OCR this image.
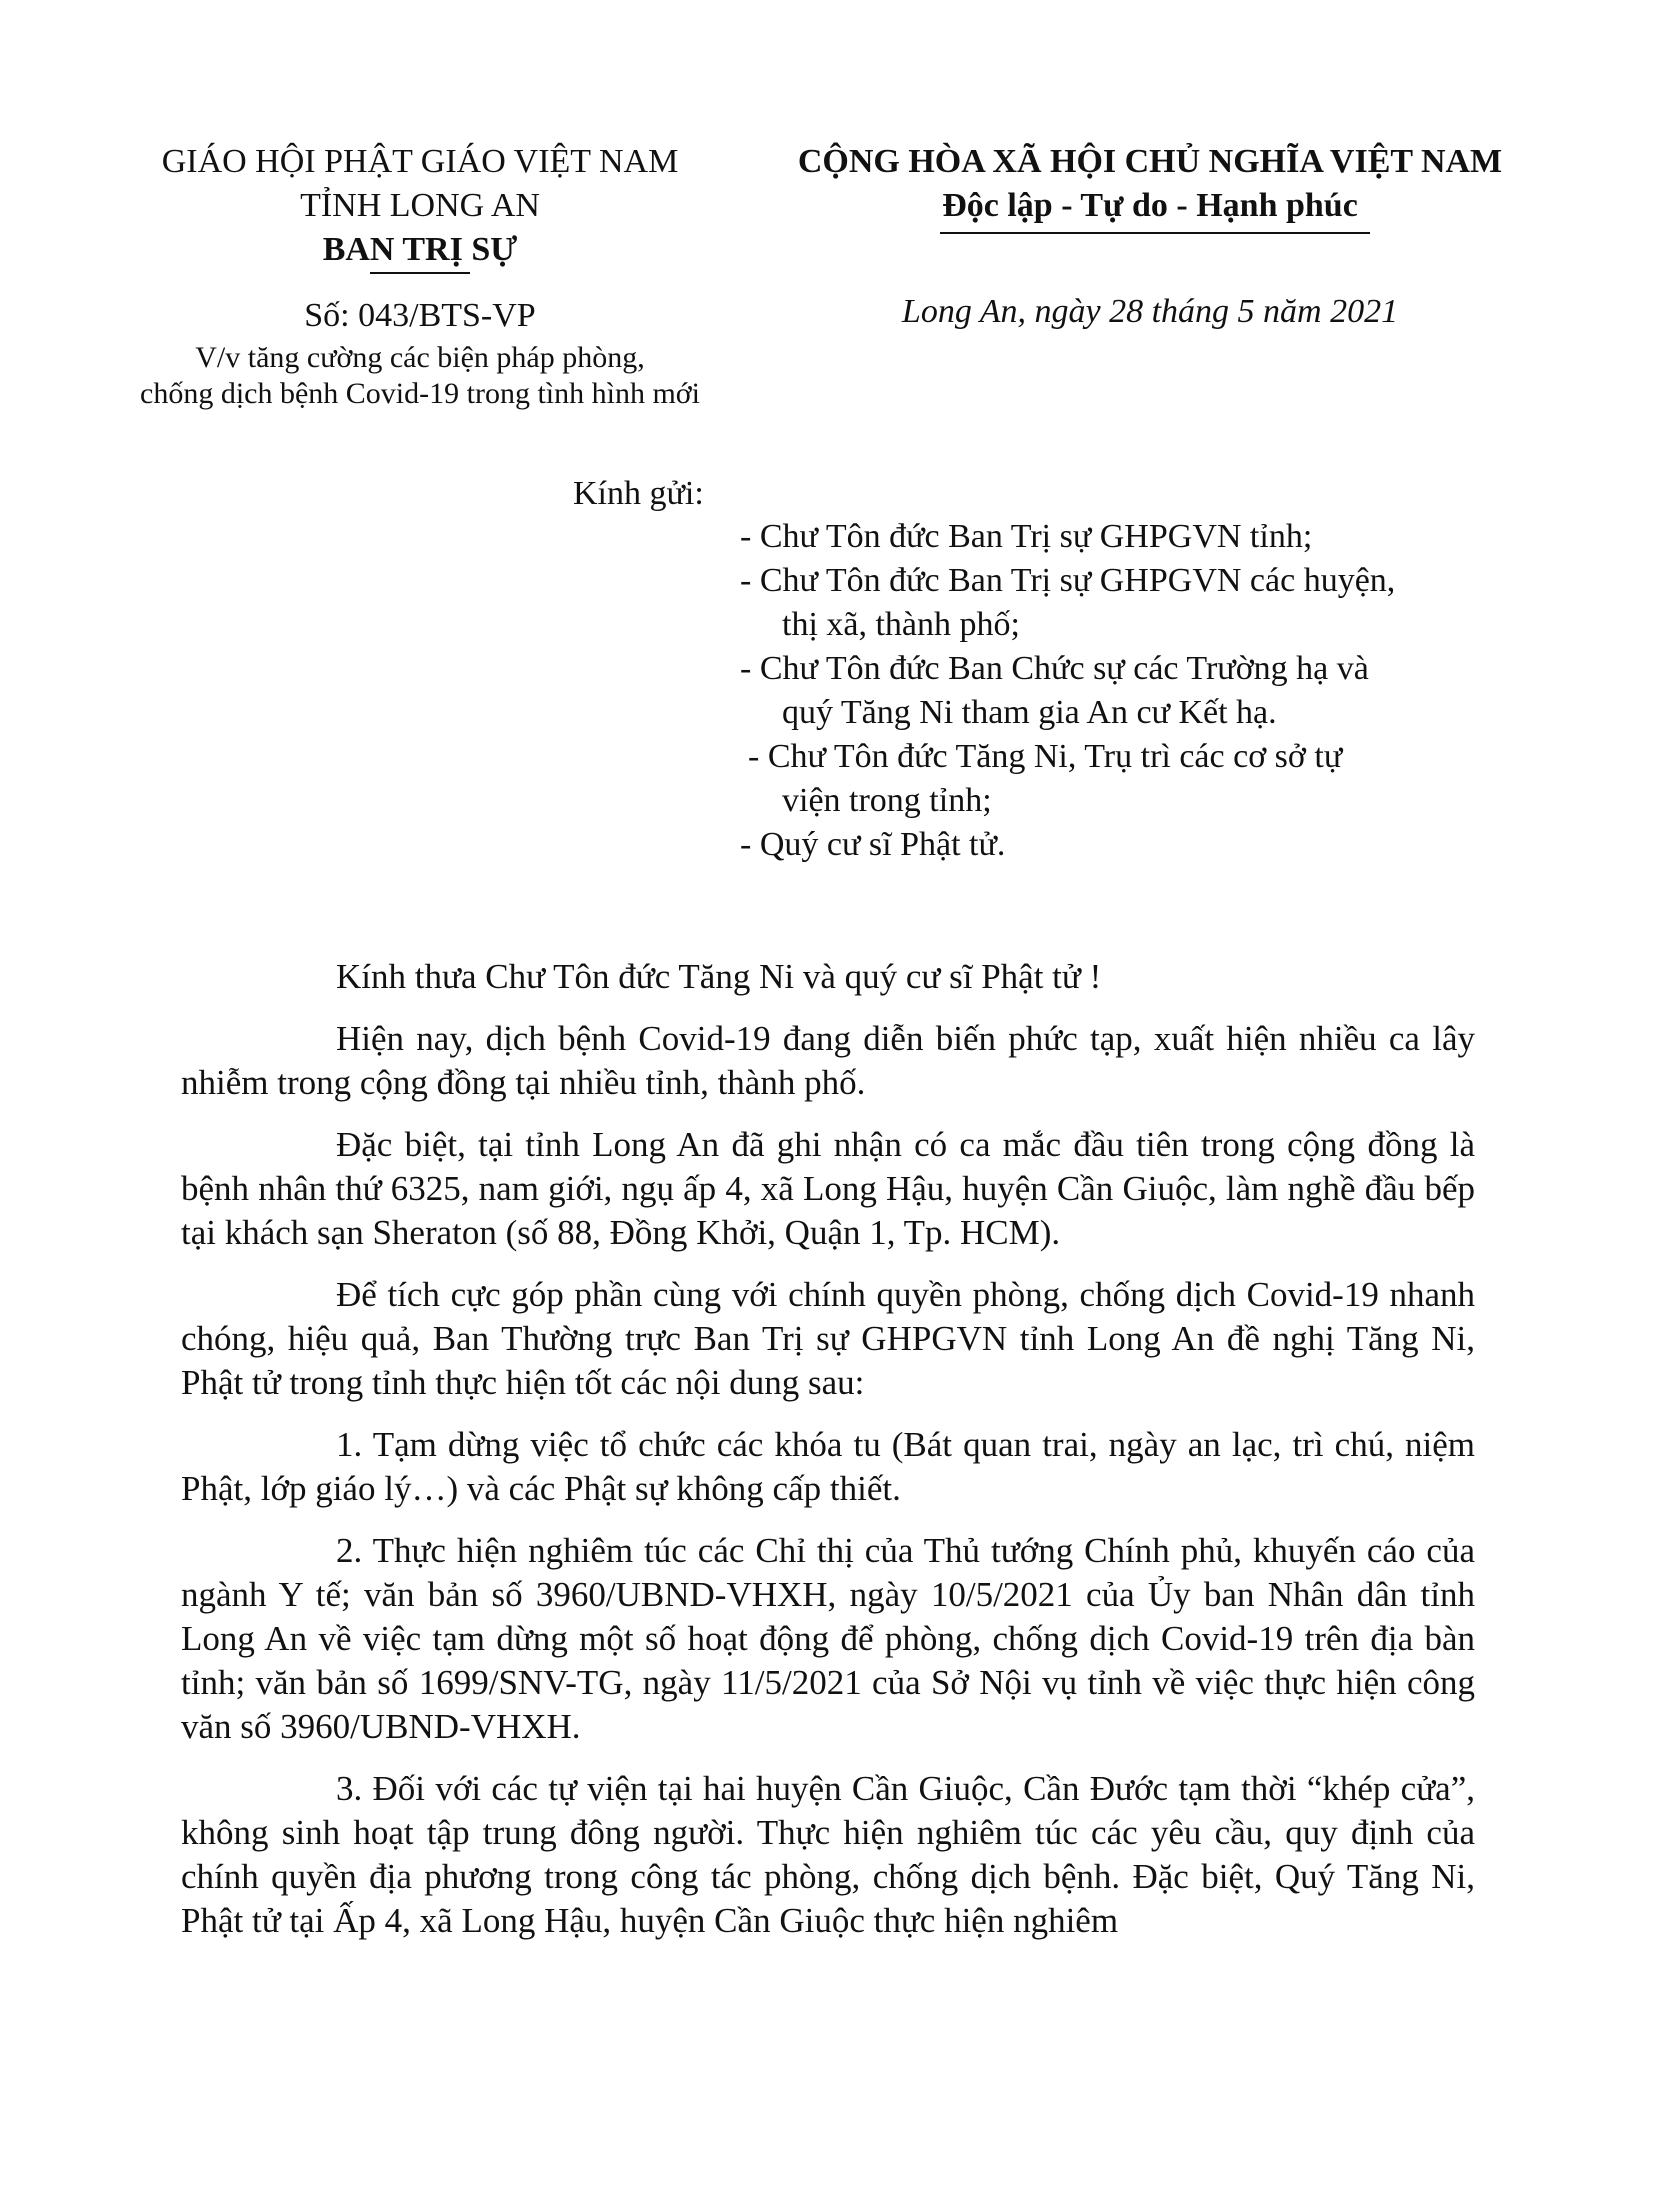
GIÁO HỘI PHẬT GIÁO VIỆT NAM
TỈNH LONG AN
BAN TRỊ SỰ
Số: 043/BTS-VP
V/v tăng cường các biện pháp phòng,
chống dịch bệnh Covid-19 trong tình hình mới
CỘNG HÒA XÃ HỘI CHỦ NGHĨA VIỆT NAM
Độc lập - Tự do - Hạnh phúc
Long An, ngày 28 tháng 5 năm 2021
Kính gửi:
- Chư Tôn đức Ban Trị sự GHPGVN tỉnh;
- Chư Tôn đức Ban Trị sự GHPGVN các huyện,
thị xã, thành phố;
- Chư Tôn đức Ban Chức sự các Trường hạ và
quý Tăng Ni tham gia An cư Kết hạ.
- Chư Tôn đức Tăng Ni, Trụ trì các cơ sở tự
viện trong tỉnh;
- Quý cư sĩ Phật tử.

Kính thưa Chư Tôn đức Tăng Ni và quý cư sĩ Phật tử !

Hiện nay, dịch bệnh Covid-19 đang diễn biến phức tạp, xuất hiện nhiều ca lây nhiễm trong cộng đồng tại nhiều tỉnh, thành phố.

Đặc biệt, tại tỉnh Long An đã ghi nhận có ca mắc đầu tiên trong cộng đồng là bệnh nhân thứ 6325, nam giới, ngụ ấp 4, xã Long Hậu, huyện Cần Giuộc, làm nghề đầu bếp tại khách sạn Sheraton (số 88, Đồng Khởi, Quận 1, Tp. HCM).

Để tích cực góp phần cùng với chính quyền phòng, chống dịch Covid-19 nhanh chóng, hiệu quả, Ban Thường trực Ban Trị sự GHPGVN tỉnh Long An đề nghị Tăng Ni, Phật tử trong tỉnh thực hiện tốt các nội dung sau:

1. Tạm dừng việc tổ chức các khóa tu (Bát quan trai, ngày an lạc, trì chú, niệm Phật, lớp giáo lý…) và các Phật sự không cấp thiết.

2. Thực hiện nghiêm túc các Chỉ thị của Thủ tướng Chính phủ, khuyến cáo của ngành Y tế; văn bản số 3960/UBND-VHXH, ngày 10/5/2021 của Ủy ban Nhân dân tỉnh Long An về việc tạm dừng một số hoạt động để phòng, chống dịch Covid-19 trên địa bàn tỉnh; văn bản số 1699/SNV-TG, ngày 11/5/2021 của Sở Nội vụ tỉnh về việc thực hiện công văn số 3960/UBND-VHXH.

3. Đối với các tự viện tại hai huyện Cần Giuộc, Cần Đước tạm thời “khép cửa”, không sinh hoạt tập trung đông người. Thực hiện nghiêm túc các yêu cầu, quy định của chính quyền địa phương trong công tác phòng, chống dịch bệnh. Đặc biệt, Quý Tăng Ni, Phật tử tại Ấp 4, xã Long Hậu, huyện Cần Giuộc thực hiện nghiêm
